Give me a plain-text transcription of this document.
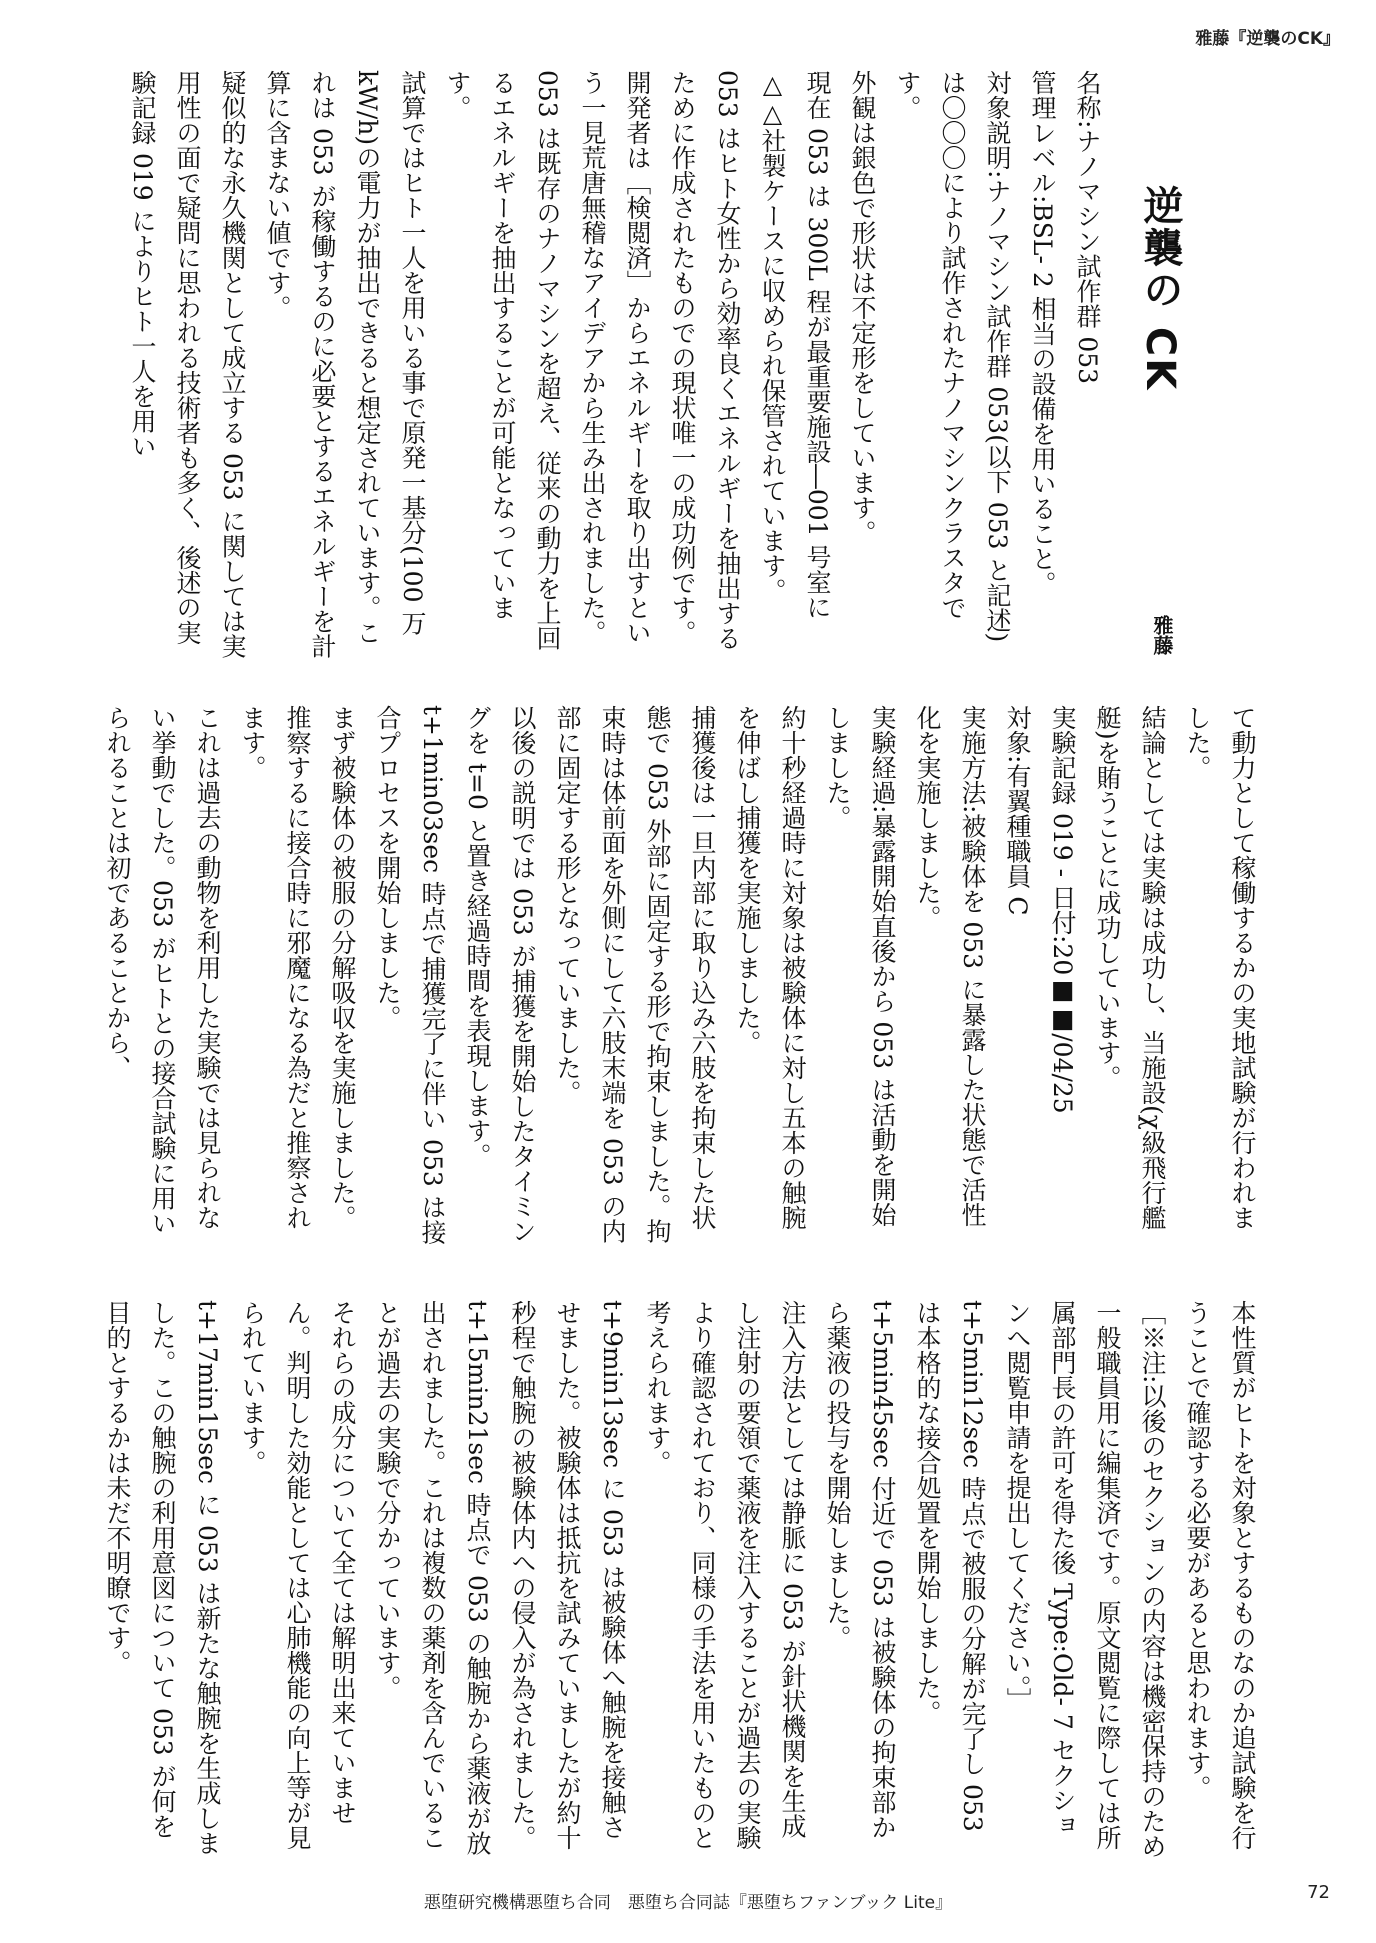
雅藤『逆襲のCK』
逆襲の CK
雅藤

名称:ナノマシン試作群 053

管理レベル:BSL- 2 相当の設備を用いること。

対象説明:ナノマシン試作群 053(以下 053 と記述)は〇〇〇により試作されたナノマシンクラスタです。

外観は銀色で形状は不定形をしています。

現在 053 は 300L 程が最重要施設―001 号室に△△社製ケースに収められ保管されています。

053 はヒト女性から効率良くエネルギーを抽出するために作成されたものでの現状唯一の成功例です。

開発者は［検閲済］からエネルギーを取り出すという一見荒唐無稽なアイデアから生み出されました。

053 は既存のナノマシンを超え、従来の動力を上回るエネルギーを抽出することが可能となっています。

試算ではヒト一人を用いる事で原発一基分(100 万 kW/h)の電力が抽出できると想定されています。これは 053 が稼働するのに必要とするエネルギーを計算に含まない値です。

疑似的な永久機関として成立する 053 に関しては実用性の面で疑問に思われる技術者も多く、後述の実験記録 019 によりヒト一人を用い

て動力として稼働するかの実地試験が行われました。

結論としては実験は成功し、当施設(χ級飛行艦艇)を賄うことに成功しています。

実験記録 019 - 日付:20■■/04/25

対象:有翼種職員 C

実施方法:被験体を 053 に暴露した状態で活性化を実施しました。

実験経過:暴露開始直後から 053 は活動を開始しました。

約十秒経過時に対象は被験体に対し五本の触腕を伸ばし捕獲を実施しました。

捕獲後は一旦内部に取り込み六肢を拘束した状態で 053 外部に固定する形で拘束しました。拘束時は体前面を外側にして六肢末端を 053 の内部に固定する形となっていました。

以後の説明では 053 が捕獲を開始したタイミングを t=0 と置き経過時間を表現します。

t+1min03sec 時点で捕獲完了に伴い 053 は接合プロセスを開始しました。

まず被験体の被服の分解吸収を実施しました。推察するに接合時に邪魔になる為だと推察されます。

これは過去の動物を利用した実験では見られない挙動でした。053 がヒトとの接合試験に用いられることは初であることから、

本性質がヒトを対象とするものなのか追試験を行うことで確認する必要があると思われます。

［※注:以後のセクションの内容は機密保持のため一般職員用に編集済です。原文閲覧に際しては所属部門長の許可を得た後 Type:Old- 7 セクションへ閲覧申請を提出してください。］

t+5min12sec 時点で被服の分解が完了し 053 は本格的な接合処置を開始しました。

t+5min45sec 付近で 053 は被験体の拘束部から薬液の投与を開始しました。

注入方法としては静脈に 053 が針状機関を生成し注射の要領で薬液を注入することが過去の実験より確認されており、同様の手法を用いたものと考えられます。

t+9min13sec に 053 は被験体へ触腕を接触させました。被験体は抵抗を試みていましたが約十秒程で触腕の被験体内への侵入が為されました。

t+15min21sec 時点で 053 の触腕から薬液が放出されました。これは複数の薬剤を含んでいることが過去の実験で分かっています。

それらの成分について全ては解明出来ていません。判明した効能としては心肺機能の向上等が見られています。

t+17min15sec に 053 は新たな触腕を生成しました。この触腕の利用意図について 053 が何を目的とするかは未だ不明瞭です。

悪堕研究機構悪堕ち合同　悪堕ち合同誌『悪堕ちファンブック Lite』	72
